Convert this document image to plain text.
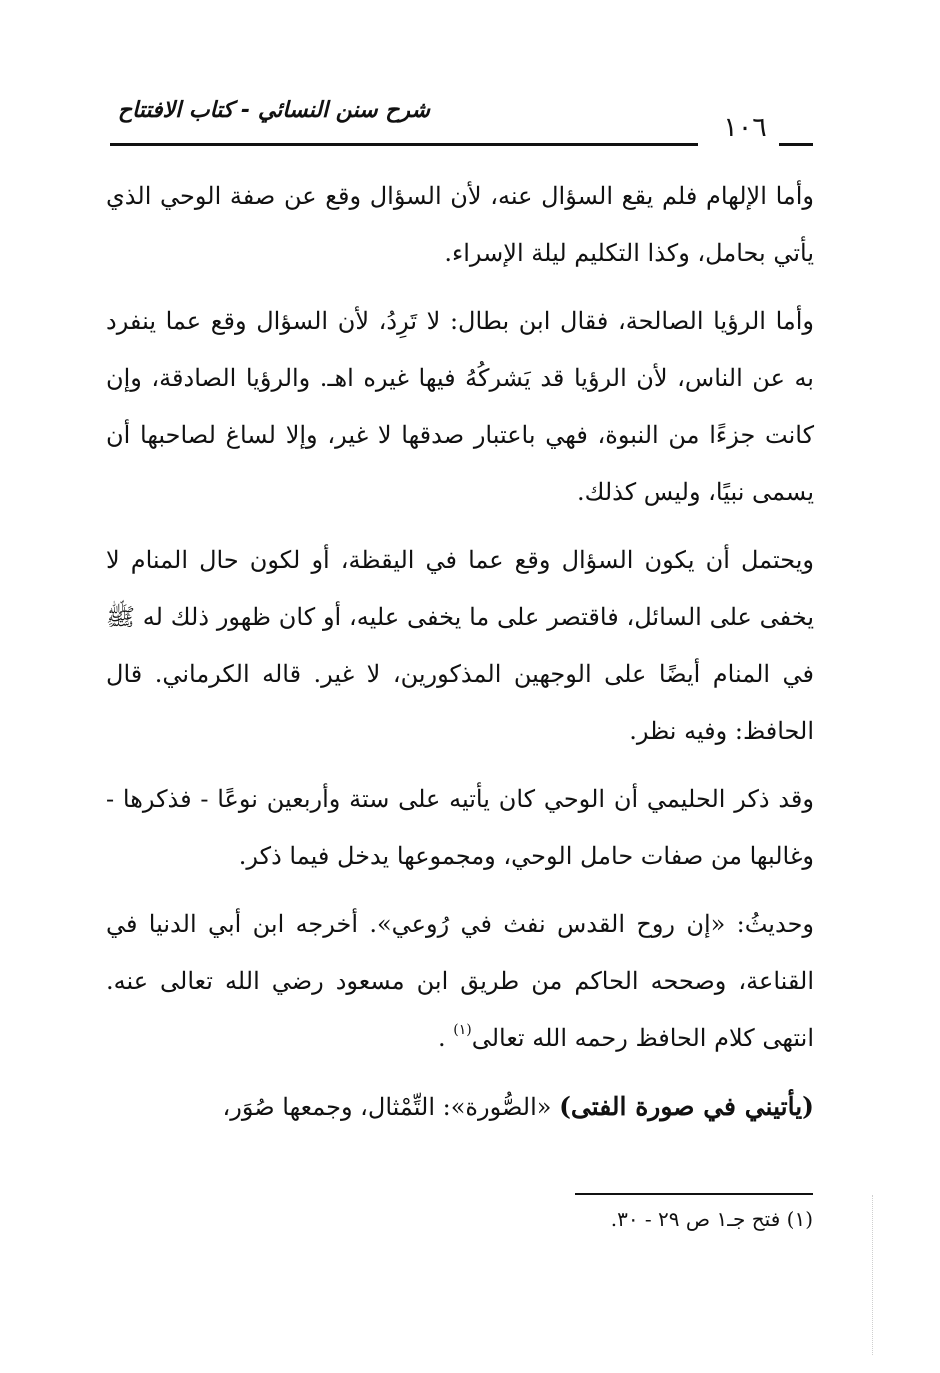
شرح سنن النسائي - كتاب الافتتاح
١٠٦

وأما الإلهام فلم يقع السؤال عنه، لأن السؤال وقع عن صفة الوحي الذي يأتي بحامل، وكذا التكليم ليلة الإسراء.

وأما الرؤيا الصالحة، فقال ابن بطال: لا تَرِدُ، لأن السؤال وقع عما ينفرد به عن الناس، لأن الرؤيا قد يَشركُهُ فيها غيره اهـ. والرؤيا الصادقة، وإن كانت جزءًا من النبوة، فهي باعتبار صدقها لا غير، وإلا لساغ لصاحبها أن يسمى نبيًا، وليس كذلك.

ويحتمل أن يكون السؤال وقع عما في اليقظة، أو لكون حال المنام لا يخفى على السائل، فاقتصر على ما يخفى عليه، أو كان ظهور ذلك له ﷺ في المنام أيضًا على الوجهين المذكورين، لا غير. قاله الكرماني. قال الحافظ: وفيه نظر.

وقد ذكر الحليمي أن الوحي كان يأتيه على ستة وأربعين نوعًا - فذكرها - وغالبها من صفات حامل الوحي، ومجموعها يدخل فيما ذكر.

وحديثُ: «إن روح القدس نفث في رُوعي». أخرجه ابن أبي الدنيا في القناعة، وصححه الحاكم من طريق ابن مسعود رضي الله تعالى عنه. انتهى كلام الحافظ رحمه الله تعالى$^{(١)}$ .

(يأتيني في صورة الفتى) «الصُّورة»: التِّمْثال، وجمعها صُوَر،

(١) فتح جـ١ ص ٢٩ - ٣٠.
